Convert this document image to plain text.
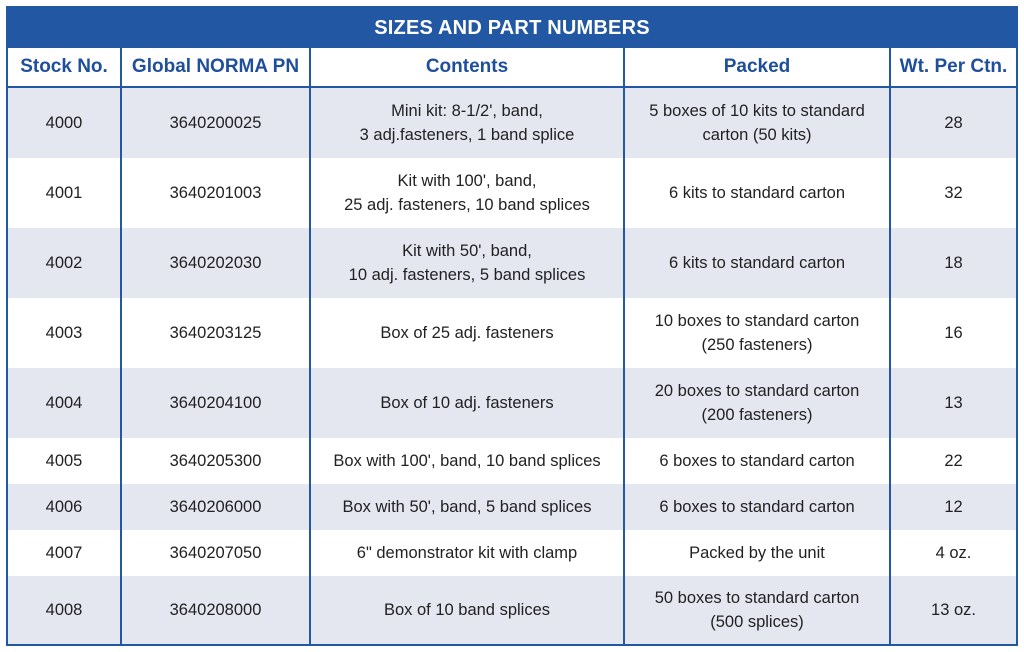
SIZES AND PART NUMBERS
Stock No.	Global NORMA PN	Contents	Packed	Wt. Per Ctn.
4000	3640200025	Mini kit: 8-1/2', band,
3 adj.fasteners, 1 band splice	5 boxes of 10 kits to standard
carton (50 kits)	28
4001	3640201003	Kit with 100', band,
25 adj. fasteners, 10 band splices	6 kits to standard carton	32
4002	3640202030	Kit with 50', band,
10 adj. fasteners, 5 band splices	6 kits to standard carton	18
4003	3640203125	Box of 25 adj. fasteners	10 boxes to standard carton
(250 fasteners)	16
4004	3640204100	Box of 10 adj. fasteners	20 boxes to standard carton
(200 fasteners)	13
4005	3640205300	Box with 100', band, 10 band splices	6 boxes to standard carton	22
4006	3640206000	Box with 50', band, 5 band splices	6 boxes to standard carton	12
4007	3640207050	6" demonstrator kit with clamp	Packed by the unit	4 oz.
4008	3640208000	Box of 10 band splices	50 boxes to standard carton
(500 splices)	13 oz.
